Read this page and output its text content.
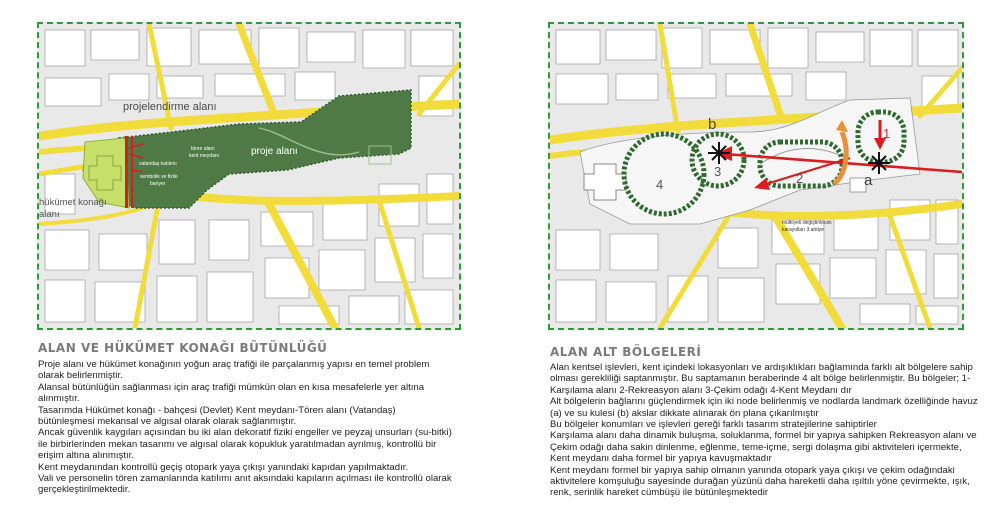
projelendirme alanı
proje alanı
tören alanı
kent meydanı
vatandaş katılımı
sembolik ve fiziki
bariyer
hükümet konağı
alanı
ALAN VE HÜKÜMET KONAĞI BÜTÜNLÜĞÜ

Proje alanı ve hükümet konağının yoğun araç trafiği ile parçalanmış yapısı en temel problem olarak belirlenmiştir.

Alansal bütünlüğün sağlanması için araç trafiği mümkün olan en kısa mesafelerle yer altına alınmıştır.

Tasarımda Hükümet konağı - bahçesi (Devlet) Kent meydanı-Tören alanı (Vatandaş) bütünleşmesi mekansal ve algısal olarak olarak sağlanmıştır.

Ancak güvenlik kaygıları açısından bu iki alan dekoratif fiziki engeller ve peyzaj unsurları (su-bitki) ile birbirlerinden mekan tasarımı ve algısal olarak kopukluk yaratılmadan ayrılmış, kontrollü bir erişim altına alınmıştır.

Kent meydanından kontrollü geçiş otopark yaya çıkışı yanındaki kapıdan yapılmaktadır.

Vali ve personelin tören zamanlarında katılımı anıt aksındaki kapıların açılması ile kontrollü olarak gerçekleştirilmektedir.

b
a
1
2
3
4
mülkiyeti değiştirilecek
karayolları 3.atölye
ALAN ALT BÖLGELERİ

Alan kentsel işlevleri, kent içindeki lokasyonları ve ardışıklıkları bağlamında farklı alt bölgelere sahip olması gerekliliği saptanmıştır. Bu saptamanın beraberinde 4 alt bölge belirlenmiştir. Bu bölgeler; 1-Karşılama alanı 2-Rekreasyon alanı 3-Çekim odağı 4-Kent Meydanı dır

Alt bölgelerin bağlarını güçlendirmek için iki node belirlenmiş ve nodlarda landmark özelliğinde havuz (a) ve su kulesi (b) akslar dikkate alınarak ön plana çıkarılmıştır

Bu bölgeler konumları ve işlevleri gereği farklı tasarım stratejilerine sahiptirler

Karşılama alanı daha dinamik buluşma, soluklanma, formel bir yapıya sahipken Rekreasyon alanı ve Çekim odağı daha sakin dinlenme, eğlenme, teme-içme, sergi dolaşma gibi aktiviteleri içermekte, Kent meydanı daha formel bir yapıya kavuşmaktadır

Kent meydanı formel bir yapıya sahip olmanın yanında otopark yaya çıkışı ve çekim odağındaki aktivitelere komşuluğu sayesinde durağan yüzünü daha hareketli daha ışıltılı yöne çevirmekte, ışık, renk, serinlik hareket cümbüşü ile bütünleşmektedir
